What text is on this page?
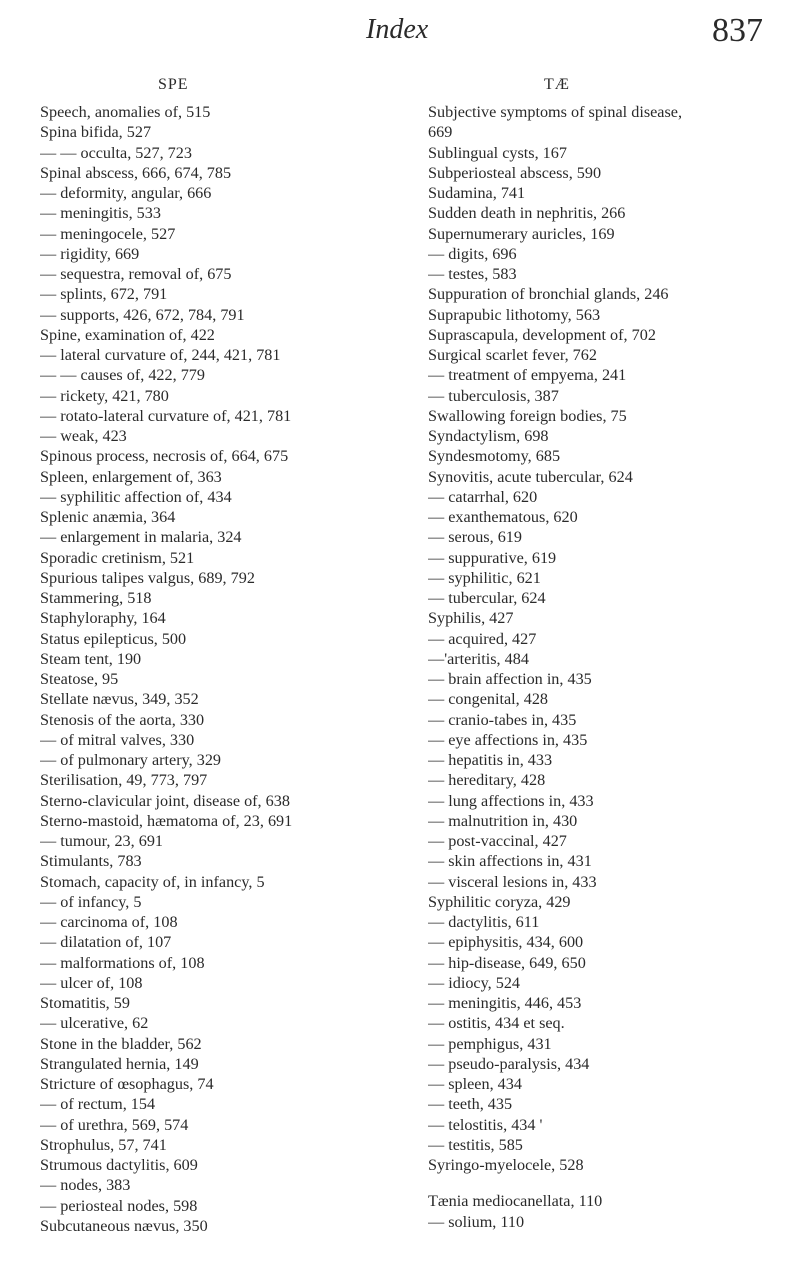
Index	837
SPE
Speech, anomalies of, 515
Spina bifida, 527
— — occulta, 527, 723
Spinal abscess, 666, 674, 785
— deformity, angular, 666
— meningitis, 533
— meningocele, 527
— rigidity, 669
— sequestra, removal of, 675
— splints, 672, 791
— supports, 426, 672, 784, 791
Spine, examination of, 422
— lateral curvature of, 244, 421, 781
— — causes of, 422, 779
— rickety, 421, 780
— rotato-lateral curvature of, 421, 781
— weak, 423
Spinous process, necrosis of, 664, 675
Spleen, enlargement of, 363
— syphilitic affection of, 434
Splenic anæmia, 364
— enlargement in malaria, 324
Sporadic cretinism, 521
Spurious talipes valgus, 689, 792
Stammering, 518
Staphyloraphy, 164
Status epilepticus, 500
Steam tent, 190
Steatose, 95
Stellate nævus, 349, 352
Stenosis of the aorta, 330
— of mitral valves, 330
— of pulmonary artery, 329
Sterilisation, 49, 773, 797
Sterno-clavicular joint, disease of, 638
Sterno-mastoid, hæmatoma of, 23, 691
— tumour, 23, 691
Stimulants, 783
Stomach, capacity of, in infancy, 5
— of infancy, 5
— carcinoma of, 108
— dilatation of, 107
— malformations of, 108
— ulcer of, 108
Stomatitis, 59
— ulcerative, 62
Stone in the bladder, 562
Strangulated hernia, 149
Stricture of œsophagus, 74
— of rectum, 154
— of urethra, 569, 574
Strophulus, 57, 741
Strumous dactylitis, 609
— nodes, 383
— periosteal nodes, 598
Subcutaneous nævus, 350
TÆ
Subjective symptoms of spinal disease,
669
Sublingual cysts, 167
Subperiosteal abscess, 590
Sudamina, 741
Sudden death in nephritis, 266
Supernumerary auricles, 169
— digits, 696
— testes, 583
Suppuration of bronchial glands, 246
Suprapubic lithotomy, 563
Suprascapula, development of, 702
Surgical scarlet fever, 762
— treatment of empyema, 241
— tuberculosis, 387
Swallowing foreign bodies, 75
Syndactylism, 698
Syndesmotomy, 685
Synovitis, acute tubercular, 624
— catarrhal, 620
— exanthematous, 620
— serous, 619
— suppurative, 619
— syphilitic, 621
— tubercular, 624
Syphilis, 427
— acquired, 427
—'arteritis, 484
— brain affection in, 435
— congenital, 428
— cranio-tabes in, 435
— eye affections in, 435
— hepatitis in, 433
— hereditary, 428
— lung affections in, 433
— malnutrition in, 430
— post-vaccinal, 427
— skin affections in, 431
— visceral lesions in, 433
Syphilitic coryza, 429
— dactylitis, 611
— epiphysitis, 434, 600
— hip-disease, 649, 650
— idiocy, 524
— meningitis, 446, 453
— ostitis, 434 et seq.
— pemphigus, 431
— pseudo-paralysis, 434
— spleen, 434
— teeth, 435
— telostitis, 434 '
— testitis, 585
Syringo-myelocele, 528
Tænia mediocanellata, 110
— solium, 110
